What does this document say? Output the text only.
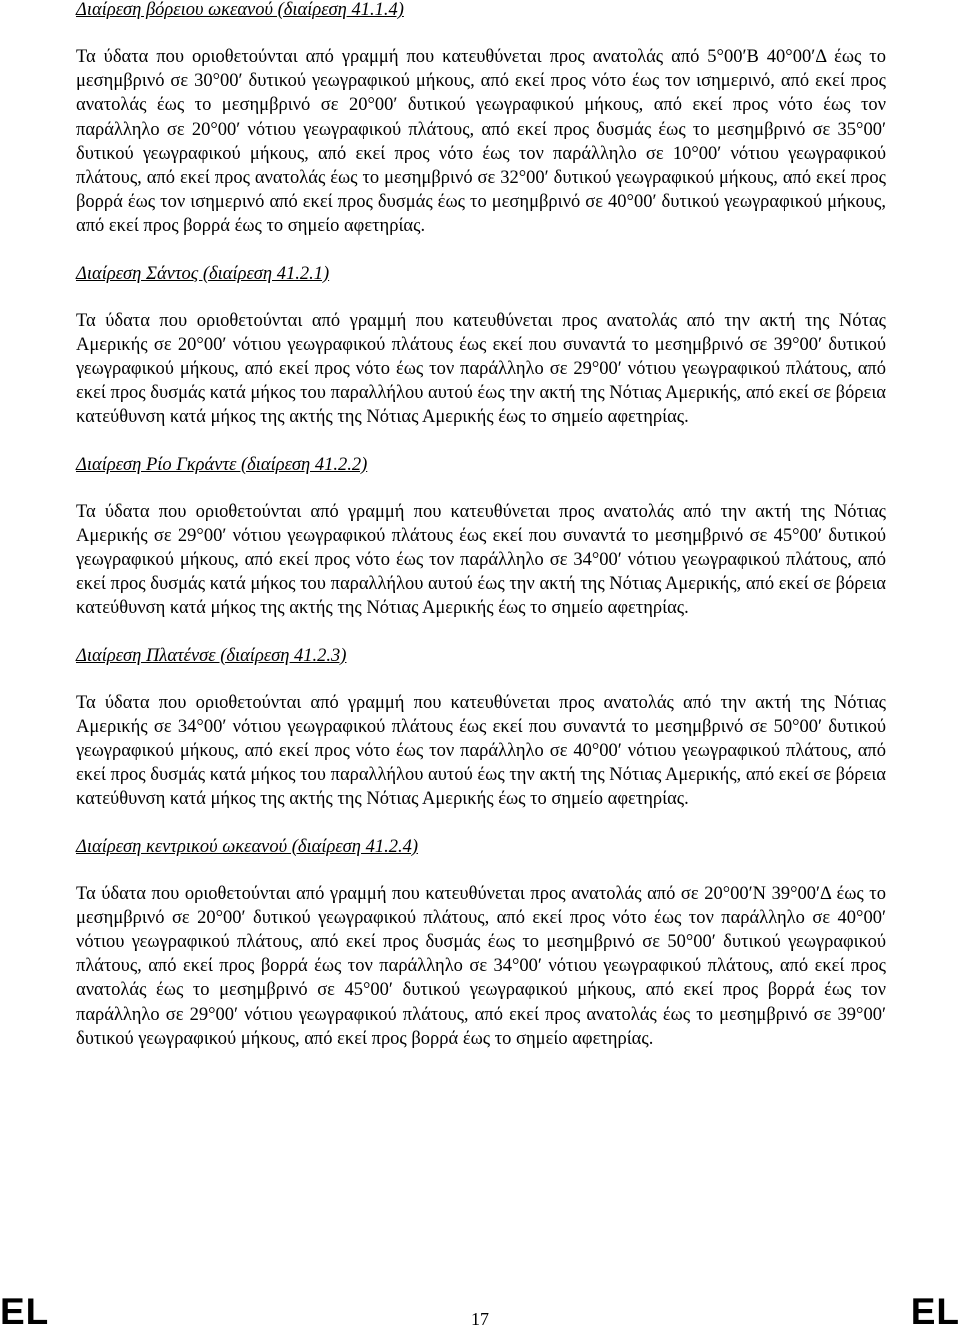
Διαίρεση βόρειου ωκεανού (διαίρεση 41.1.4)

Τα ύδατα που οριοθετούνται από γραμμή που κατευθύνεται προς ανατολάς από 5°00′Β 40°00′Δ έως το μεσημβρινό σε 30°00′ δυτικού γεωγραφικού μήκους, από εκεί προς νότο έως τον ισημερινό, από εκεί προς ανατολάς έως το μεσημβρινό σε 20°00′ δυτικού γεωγραφικού μήκους, από εκεί προς νότο έως τον παράλληλο σε 20°00′ νότιου γεωγραφικού πλάτους, από εκεί προς δυσμάς έως το μεσημβρινό σε 35°00′ δυτικού γεωγραφικού μήκους, από εκεί προς νότο έως τον παράλληλο σε 10°00′ νότιου γεωγραφικού πλάτους, από εκεί προς ανατολάς έως το μεσημβρινό σε 32°00′ δυτικού γεωγραφικού μήκους, από εκεί προς βορρά έως τον ισημερινό από εκεί προς δυσμάς έως το μεσημβρινό σε 40°00′ δυτικού γεωγραφικού μήκους, από εκεί προς βορρά έως το σημείο αφετηρίας.

Διαίρεση Σάντος (διαίρεση 41.2.1)

Τα ύδατα που οριοθετούνται από γραμμή που κατευθύνεται προς ανατολάς από την ακτή της Νότας Αμερικής σε 20°00′ νότιου γεωγραφικού πλάτους έως εκεί που συναντά το μεσημβρινό σε 39°00′ δυτικού γεωγραφικού μήκους, από εκεί προς νότο έως τον παράλληλο σε 29°00′ νότιου γεωγραφικού πλάτους, από εκεί προς δυσμάς κατά μήκος του παραλλήλου αυτού έως την ακτή της Νότιας Αμερικής, από εκεί σε βόρεια κατεύθυνση κατά μήκος της ακτής της Νότιας Αμερικής έως το σημείο αφετηρίας.

Διαίρεση Ρίο Γκράντε (διαίρεση 41.2.2)

Τα ύδατα που οριοθετούνται από γραμμή που κατευθύνεται προς ανατολάς από την ακτή της Νότιας Αμερικής σε 29°00′ νότιου γεωγραφικού πλάτους έως εκεί που συναντά το μεσημβρινό σε 45°00′ δυτικού γεωγραφικού μήκους, από εκεί προς νότο έως τον παράλληλο σε 34°00′ νότιου γεωγραφικού πλάτους, από εκεί προς δυσμάς κατά μήκος του παραλλήλου αυτού έως την ακτή της Νότιας Αμερικής, από εκεί σε βόρεια κατεύθυνση κατά μήκος της ακτής της Νότιας Αμερικής έως το σημείο αφετηρίας.

Διαίρεση Πλατένσε (διαίρεση 41.2.3)

Τα ύδατα που οριοθετούνται από γραμμή που κατευθύνεται προς ανατολάς από την ακτή της Νότιας Αμερικής σε 34°00′ νότιου γεωγραφικού πλάτους έως εκεί που συναντά το μεσημβρινό σε 50°00′ δυτικού γεωγραφικού μήκους, από εκεί προς νότο έως τον παράλληλο σε 40°00′ νότιου γεωγραφικού πλάτους, από εκεί προς δυσμάς κατά μήκος του παραλλήλου αυτού έως την ακτή της Νότιας Αμερικής, από εκεί σε βόρεια κατεύθυνση κατά μήκος της ακτής της Νότιας Αμερικής έως το σημείο αφετηρίας.

Διαίρεση κεντρικού ωκεανού (διαίρεση 41.2.4)

Τα ύδατα που οριοθετούνται από γραμμή που κατευθύνεται προς ανατολάς από σε 20°00′Ν 39°00′Δ έως το μεσημβρινό σε 20°00′ δυτικού γεωγραφικού πλάτους, από εκεί προς νότο έως τον παράλληλο σε 40°00′ νότιου γεωγραφικού πλάτους, από εκεί προς δυσμάς έως το μεσημβρινό σε 50°00′ δυτικού γεωγραφικού πλάτους, από εκεί προς βορρά έως τον παράλληλο σε 34°00′ νότιου γεωγραφικού πλάτους, από εκεί προς ανατολάς έως το μεσημβρινό σε 45°00′ δυτικού γεωγραφικού μήκους, από εκεί προς βορρά έως τον παράλληλο σε 29°00′ νότιου γεωγραφικού πλάτους, από εκεί προς ανατολάς έως το μεσημβρινό σε 39°00′ δυτικού γεωγραφικού μήκους, από εκεί προς βορρά έως το σημείο αφετηρίας.

EL	17	EL
